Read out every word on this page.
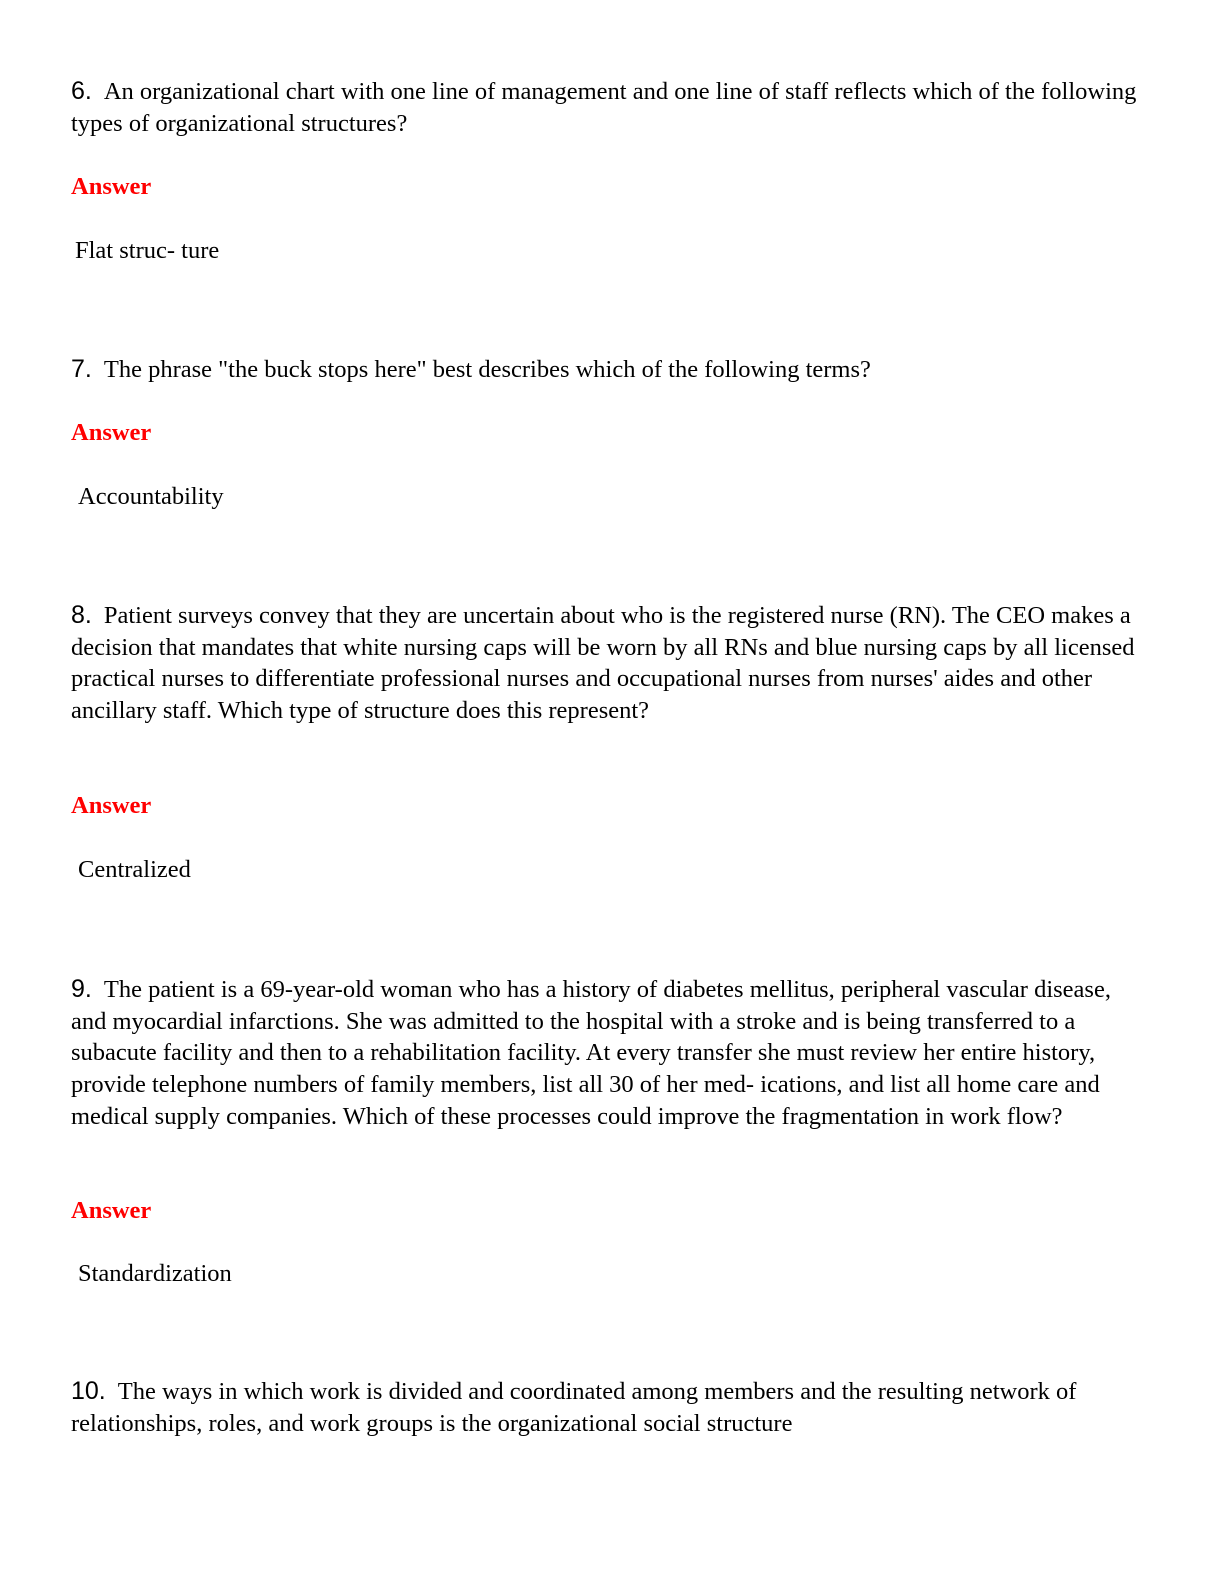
6. An organizational chart with one line of management and one line of staff reflects which of the following types of organizational structures?

Answer

Flat struc- ture

7. The phrase "the buck stops here" best describes which of the following terms?

Answer

Accountability

8. Patient surveys convey that they are uncertain about who is the registered nurse (RN). The CEO makes a decision that mandates that white nursing caps will be worn by all RNs and blue nursing caps by all licensed practical nurses to differentiate professional nurses and occupational nurses from nurses' aides and other ancillary staff. Which type of structure does this represent?

Answer

Centralized

9. The patient is a 69-year-old woman who has a history of diabetes mellitus, peripheral vascular disease, and myocardial infarctions. She was admitted to the hospital with a stroke and is being transferred to a subacute facility and then to a rehabilitation facility. At every transfer she must review her entire history, provide telephone numbers of family members, list all 30 of her med- ications, and list all home care and medical supply companies. Which of these processes could improve the fragmentation in work flow?

Answer

Standardization

10. The ways in which work is divided and coordinated among members and the resulting network of relationships, roles, and work groups is the organizational social structure
